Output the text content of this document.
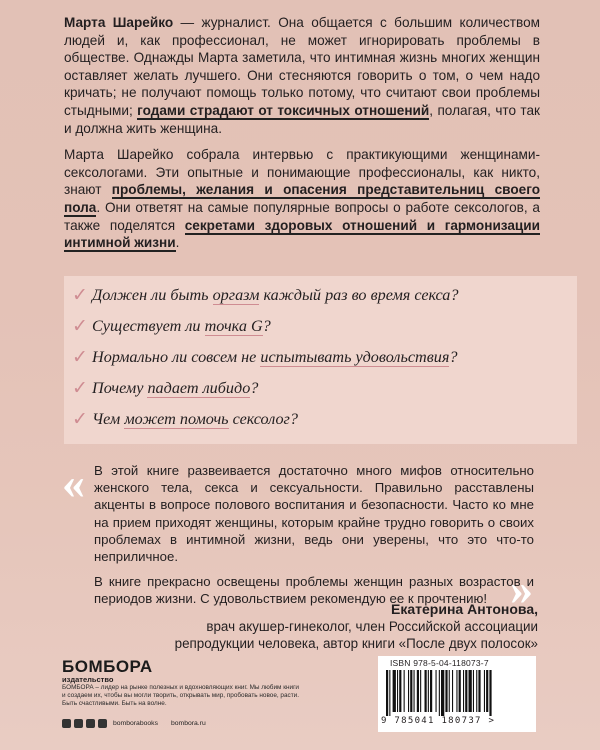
Марта Шарейко — журналист. Она общается с большим количеством людей и, как профессионал, не может игнорировать проблемы в обществе. Однажды Марта заметила, что интимная жизнь многих женщин оставляет желать лучшего. Они стесняются говорить о том, о чем надо кричать; не получают помощь только потому, что считают свои проблемы стыдными; годами страдают от токсичных отношений, полагая, что так и должна жить женщина.

Марта Шарейко собрала интервью с практикующими женщинами-сексологами. Эти опытные и понимающие профессионалы, как никто, знают проблемы, желания и опасения представительниц своего пола. Они ответят на самые популярные вопросы о работе сексологов, а также поделятся секретами здоровых отношений и гармонизации интимной жизни.

✓ Должен ли быть оргазм каждый раз во время секса?
✓ Существует ли точка G?
✓ Нормально ли совсем не испытывать удовольствия?
✓ Почему падает либидо?
✓ Чем может помочь сексолог?
« В этой книге развеивается достаточно много мифов относительно женского тела, секса и сексуальности. Правильно расставлены акценты в вопросе полового воспитания и безопасности. Часто ко мне на прием приходят женщины, которым крайне трудно говорить о своих проблемах в интимной жизни, ведь они уверены, что это что-то неприличное.

В книге прекрасно освещены проблемы женщин разных возрастов и периодов жизни. С удовольствием рекомендую ее к прочтению! »
Екатерина Антонова,
врач акушер-гинеколог, член Российской ассоциации
репродукции человека, автор книги «После двух полосок»
БОМБОРА
издательство
БОМБОРА – лидер на рынке полезных и вдохновляющих книг. Мы любим книги и создаем их, чтобы вы могли творить, открывать мир, пробовать новое, расти. Быть счастливыми. Быть на волне.
bomborabooks bombora.ru
ISBN 978-5-04-118073-7
9 785041 180737 >
